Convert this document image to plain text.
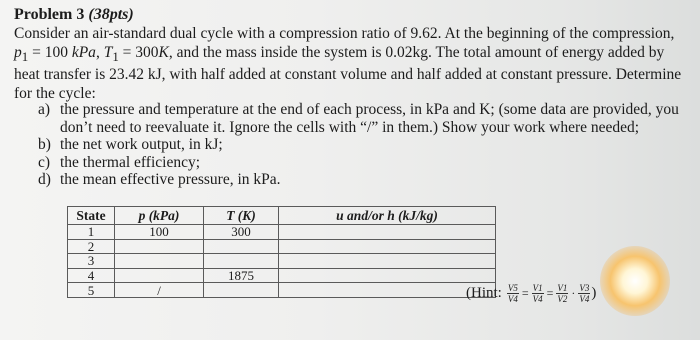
Problem 3 (38pts)
Consider an air-standard dual cycle with a compression ratio of 9.62. At the beginning of the compression,
$p_1 = 100$ kPa, $T_1 = 300K$, and the mass inside the system is 0.02kg. The total amount of energy added by
heat transfer is 23.42 kJ, with half added at constant volume and half added at constant pressure. Determine
for the cycle:
a) the pressure and temperature at the end of each process, in kPa and K; (some data are provided, you don’t need to reevaluate it. Ignore the cells with “/” in them.) Show your work where needed;
b) the net work output, in kJ;
c) the thermal efficiency;
d) the mean effective pressure, in kPa.
State	p (kPa)	T (K)	u and/or h (kJ/kg)
1	100	300	
2			
3			
4		1875	
5	/			(Hint: $\frac{V5}{V4} = \frac{V1}{V4} = \frac{V1}{V2} \cdot \frac{V3}{V4}$ )
